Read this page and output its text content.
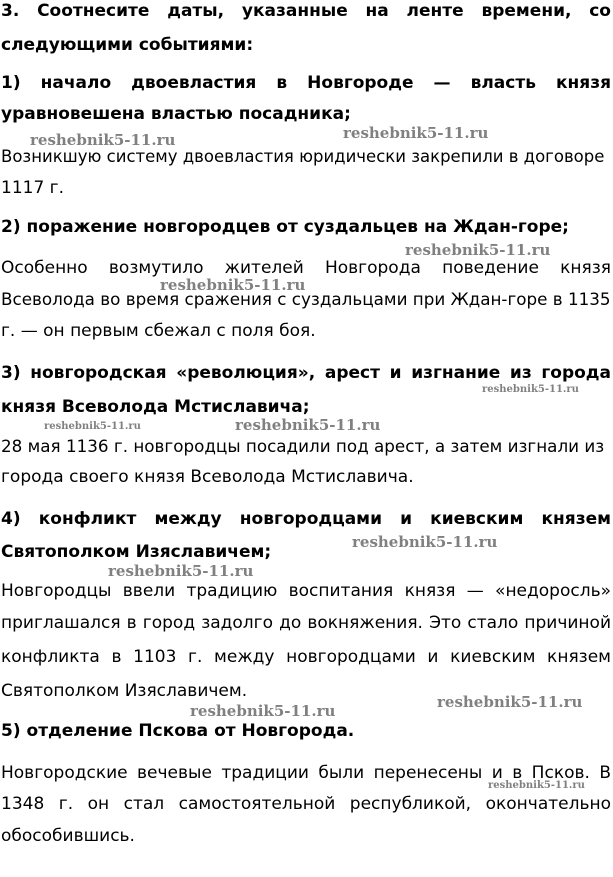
3. Соотнесите даты, указанные на ленте времени, со
следующими событиями:
1) начало двоевластия в Новгороде — власть князя
уравновешена властью посадника;
Возникшую систему двоевластия юридически закрепили в договоре
1117 г.
2) поражение новгородцев от суздальцев на Ждан-горе;
Особенно возмутило жителей Новгорода поведение князя
Всеволода во время сражения с суздальцами при Ждан-горе в 1135
г. — он первым сбежал с поля боя.
3) новгородская «революция», арест и изгнание из города
князя Всеволода Мстиславича;
28 мая 1136 г. новгородцы посадили под арест, а затем изгнали из
города своего князя Всеволода Мстиславича.
4) конфликт между новгородцами и киевским князем
Святополком Изяславичем;
Новгородцы ввели традицию воспитания князя — «недоросль»
приглашался в город задолго до вокняжения. Это стало причиной
конфликта в 1103 г. между новгородцами и киевским князем
Святополком Изяславичем.
5) отделение Пскова от Новгорода.
Новгородские вечевые традиции были перенесены и в Псков. В
1348 г. он стал самостоятельной республикой, окончательно
обособившись.
reshebnik5-11.ru	reshebnik5-11.ru
reshebnik5-11.ru
reshebnik5-11.ru
reshebnik5-11.ru
reshebnik5-11.ru	reshebnik5-11.ru
reshebnik5-11.ru
reshebnik5-11.ru
reshebnik5-11.ru
reshebnik5-11.ru
reshebnik5-11.ru
